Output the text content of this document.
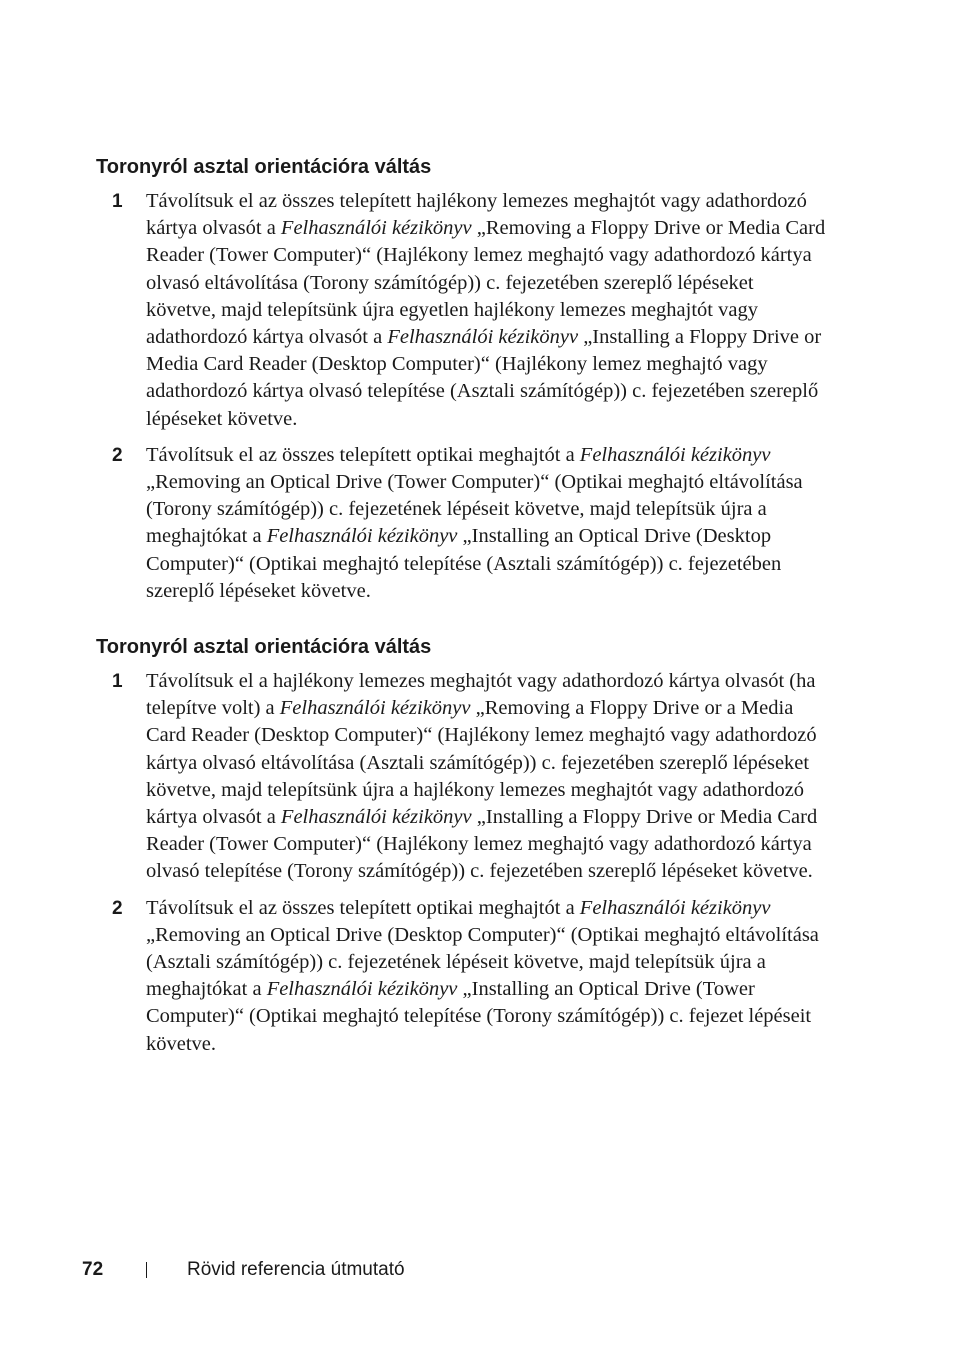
Toronyról asztal orientációra váltás
1 Távolítsuk el az összes telepített hajlékony lemezes meghajtót vagy adathordozó kártya olvasót a Felhasználói kézikönyv „Removing a Floppy Drive or Media Card Reader (Tower Computer)“ (Hajlékony lemez meghajtó vagy adathordozó kártya olvasó eltávolítása (Torony számítógép)) c. fejezetében szereplő lépéseket követve, majd telepítsünk újra egyetlen hajlékony lemezes meghajtót vagy adathordozó kártya olvasót a Felhasználói kézikönyv „Installing a Floppy Drive or Media Card Reader (Desktop Computer)“ (Hajlékony lemez meghajtó vagy adathordozó kártya olvasó telepítése (Asztali számítógép)) c. fejezetében szereplő lépéseket követve.

2 Távolítsuk el az összes telepített optikai meghajtót a Felhasználói kézikönyv „Removing an Optical Drive (Tower Computer)“ (Optikai meghajtó eltávolítása (Torony számítógép)) c. fejezetének lépéseit követve, majd telepítsük újra a meghajtókat a Felhasználói kézikönyv „Installing an Optical Drive (Desktop Computer)“ (Optikai meghajtó telepítése (Asztali számítógép)) c. fejezetében szereplő lépéseket követve.

Toronyról asztal orientációra váltás
1 Távolítsuk el a hajlékony lemezes meghajtót vagy adathordozó kártya olvasót (ha telepítve volt) a Felhasználói kézikönyv „Removing a Floppy Drive or a Media Card Reader (Desktop Computer)“ (Hajlékony lemez meghajtó vagy adathordozó kártya olvasó eltávolítása (Asztali számítógép)) c. fejezetében szereplő lépéseket követve, majd telepítsünk újra a hajlékony lemezes meghajtót vagy adathordozó kártya olvasót a Felhasználói kézikönyv „Installing a Floppy Drive or Media Card Reader (Tower Computer)“ (Hajlékony lemez meghajtó vagy adathordozó kártya olvasó telepítése (Torony számítógép)) c. fejezetében szereplő lépéseket követve.

2 Távolítsuk el az összes telepített optikai meghajtót a Felhasználói kézikönyv „Removing an Optical Drive (Desktop Computer)“ (Optikai meghajtó eltávolítása (Asztali számítógép)) c. fejezetének lépéseit követve, majd telepítsük újra a meghajtókat a Felhasználói kézikönyv „Installing an Optical Drive (Tower Computer)“ (Optikai meghajtó telepítése (Torony számítógép)) c. fejezet lépéseit követve.

72	Rövid referencia útmutató
